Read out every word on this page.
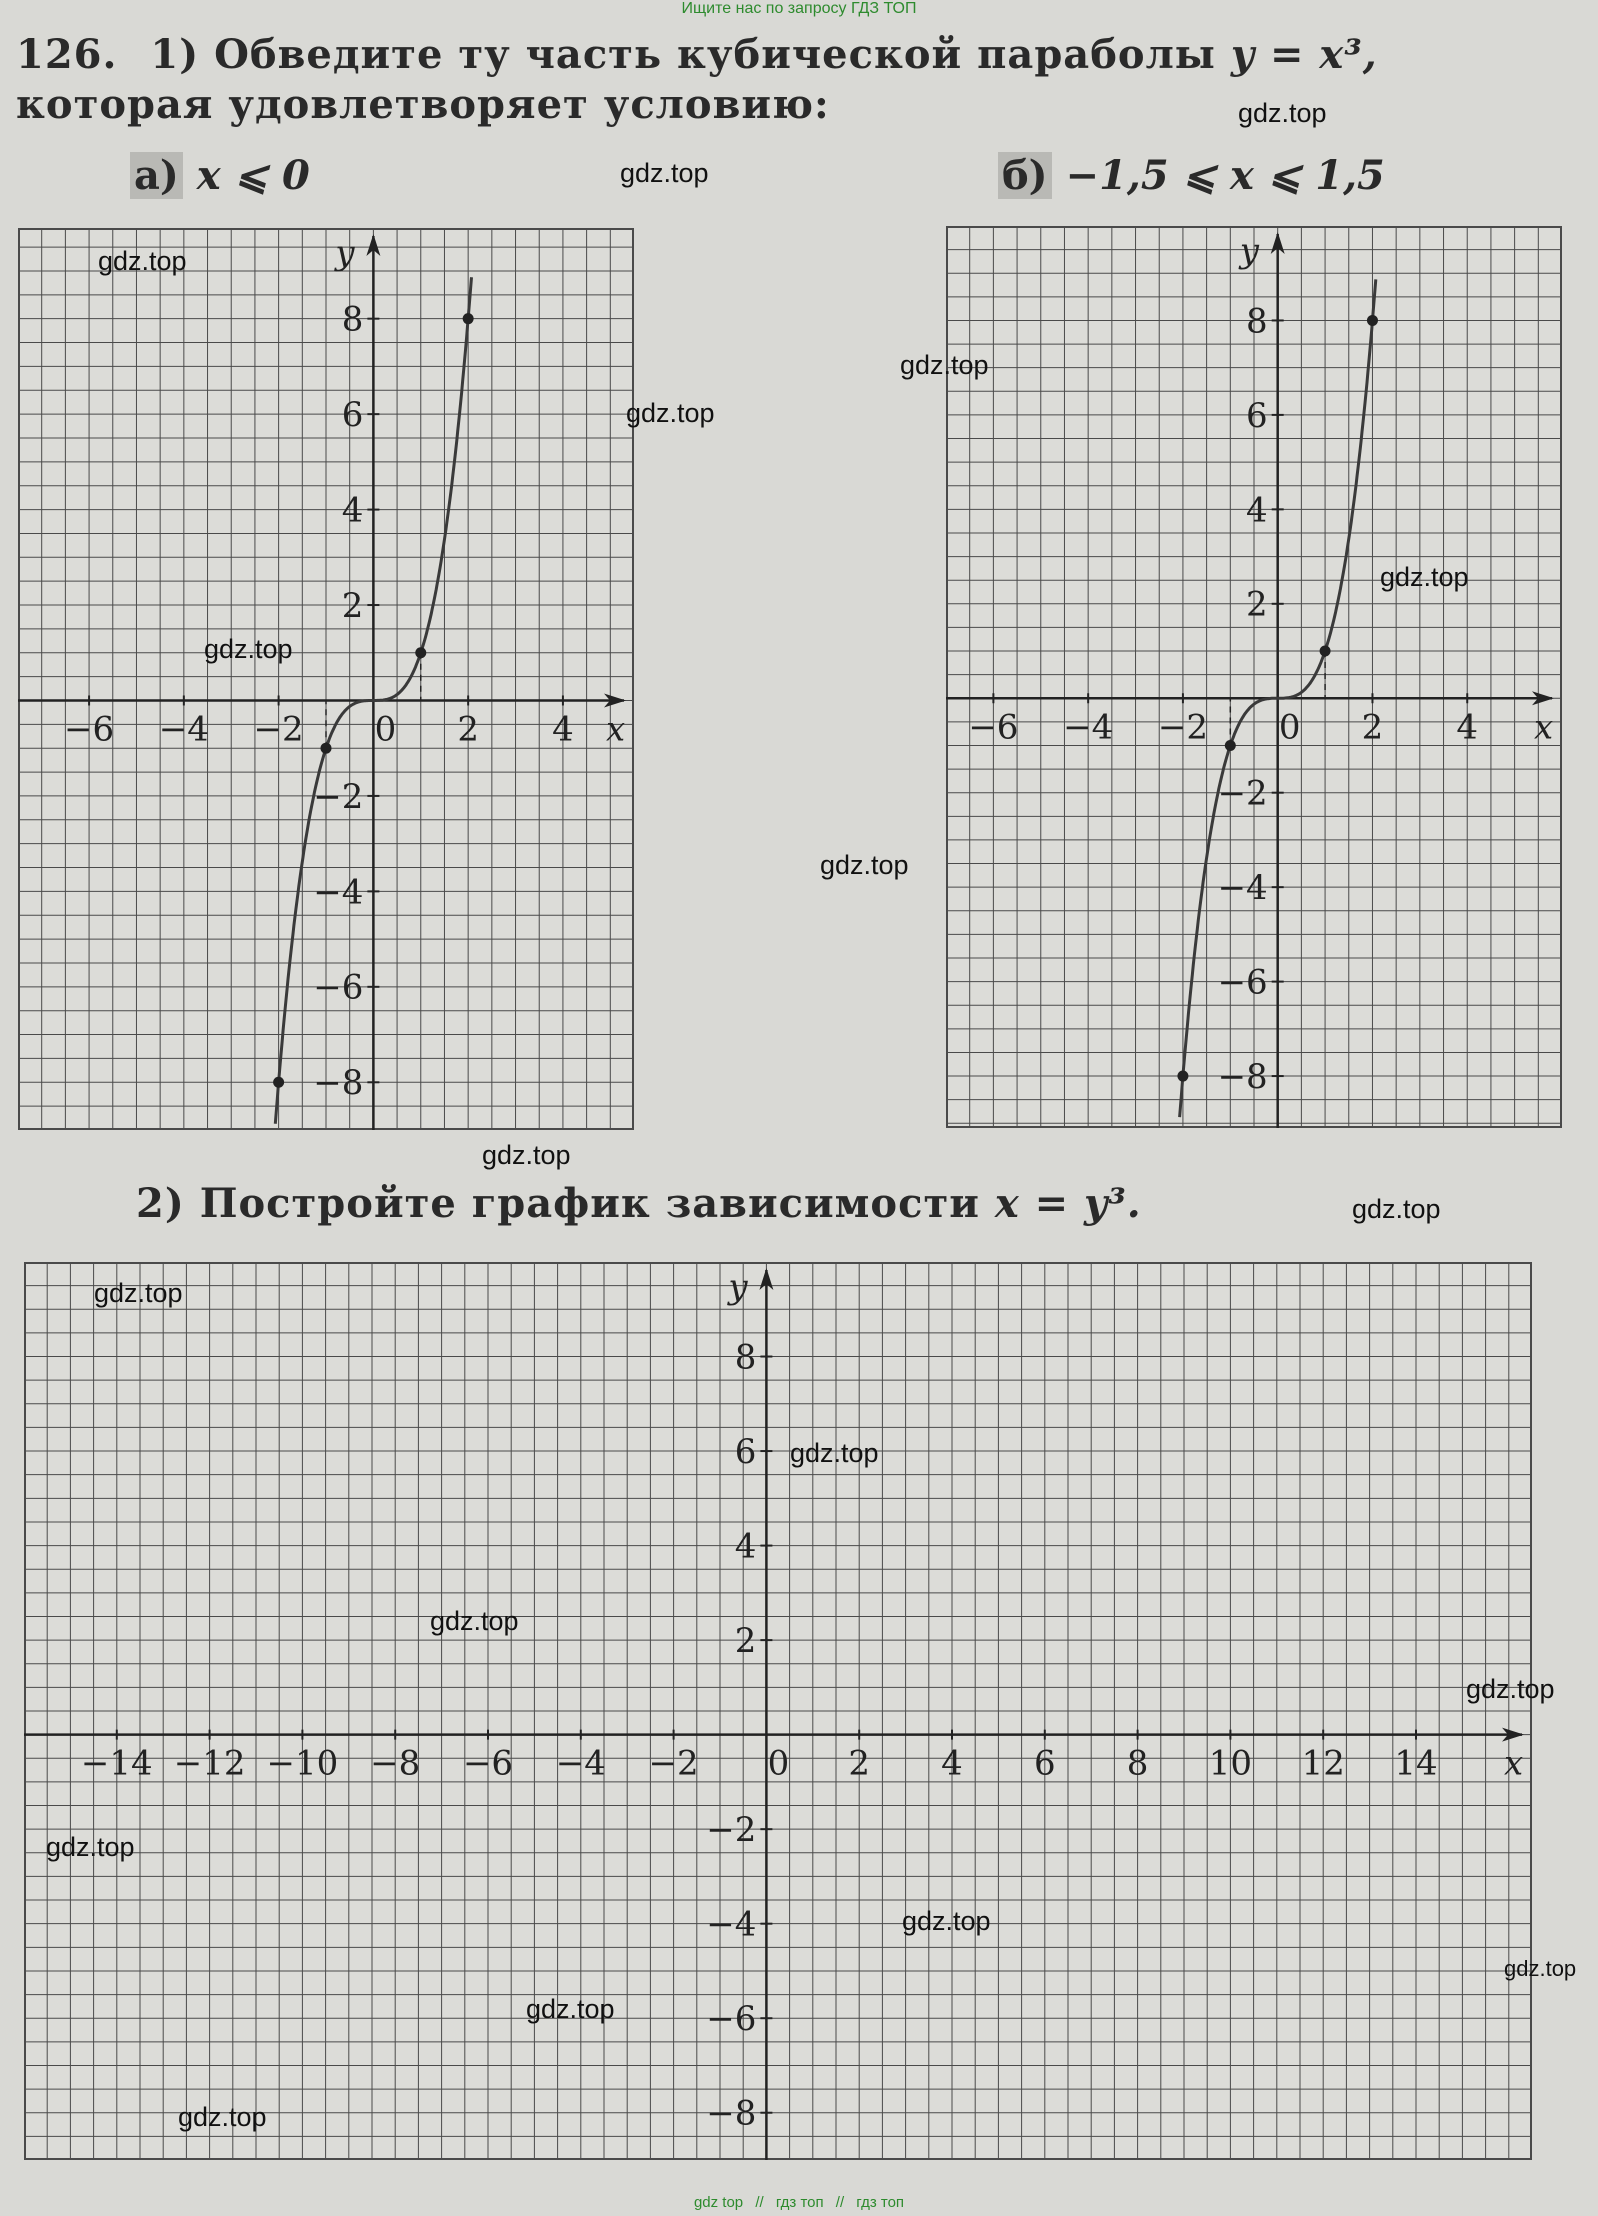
Ищите нас по запросу ГДЗ ТОП
126. 1) Обведите ту часть кубической параболы y = x³, которая удовлетворяет условию:
а) x ⩽ 0	б) −1,5 ⩽ x ⩽ 1,5
x
y
−6 −4 −2 0 2 4
8
6
4
2
−2
−4
−6
−8
x
y
−6 −4 −2 0 2 4
8
6
4
2
−2
−4
−6
−8
2) Постройте график зависимости x = y³.
x
y
−14 −12 −10 −8 −6 −4 −2 0 2 4 6 8 10 12 14
8
6
4
2
−2
−4
−6
−8
gdz.top
gdz.top
gdz.top
gdz.top
gdz.top
gdz.top
gdz.top
gdz.top
gdz.top
gdz.top
gdz.top
gdz.top
gdz.top
gdz.top
gdz.top
gdz.top
gdz.top
gdz.top
gdz.top
gdz top // гдз топ // гдз топ
